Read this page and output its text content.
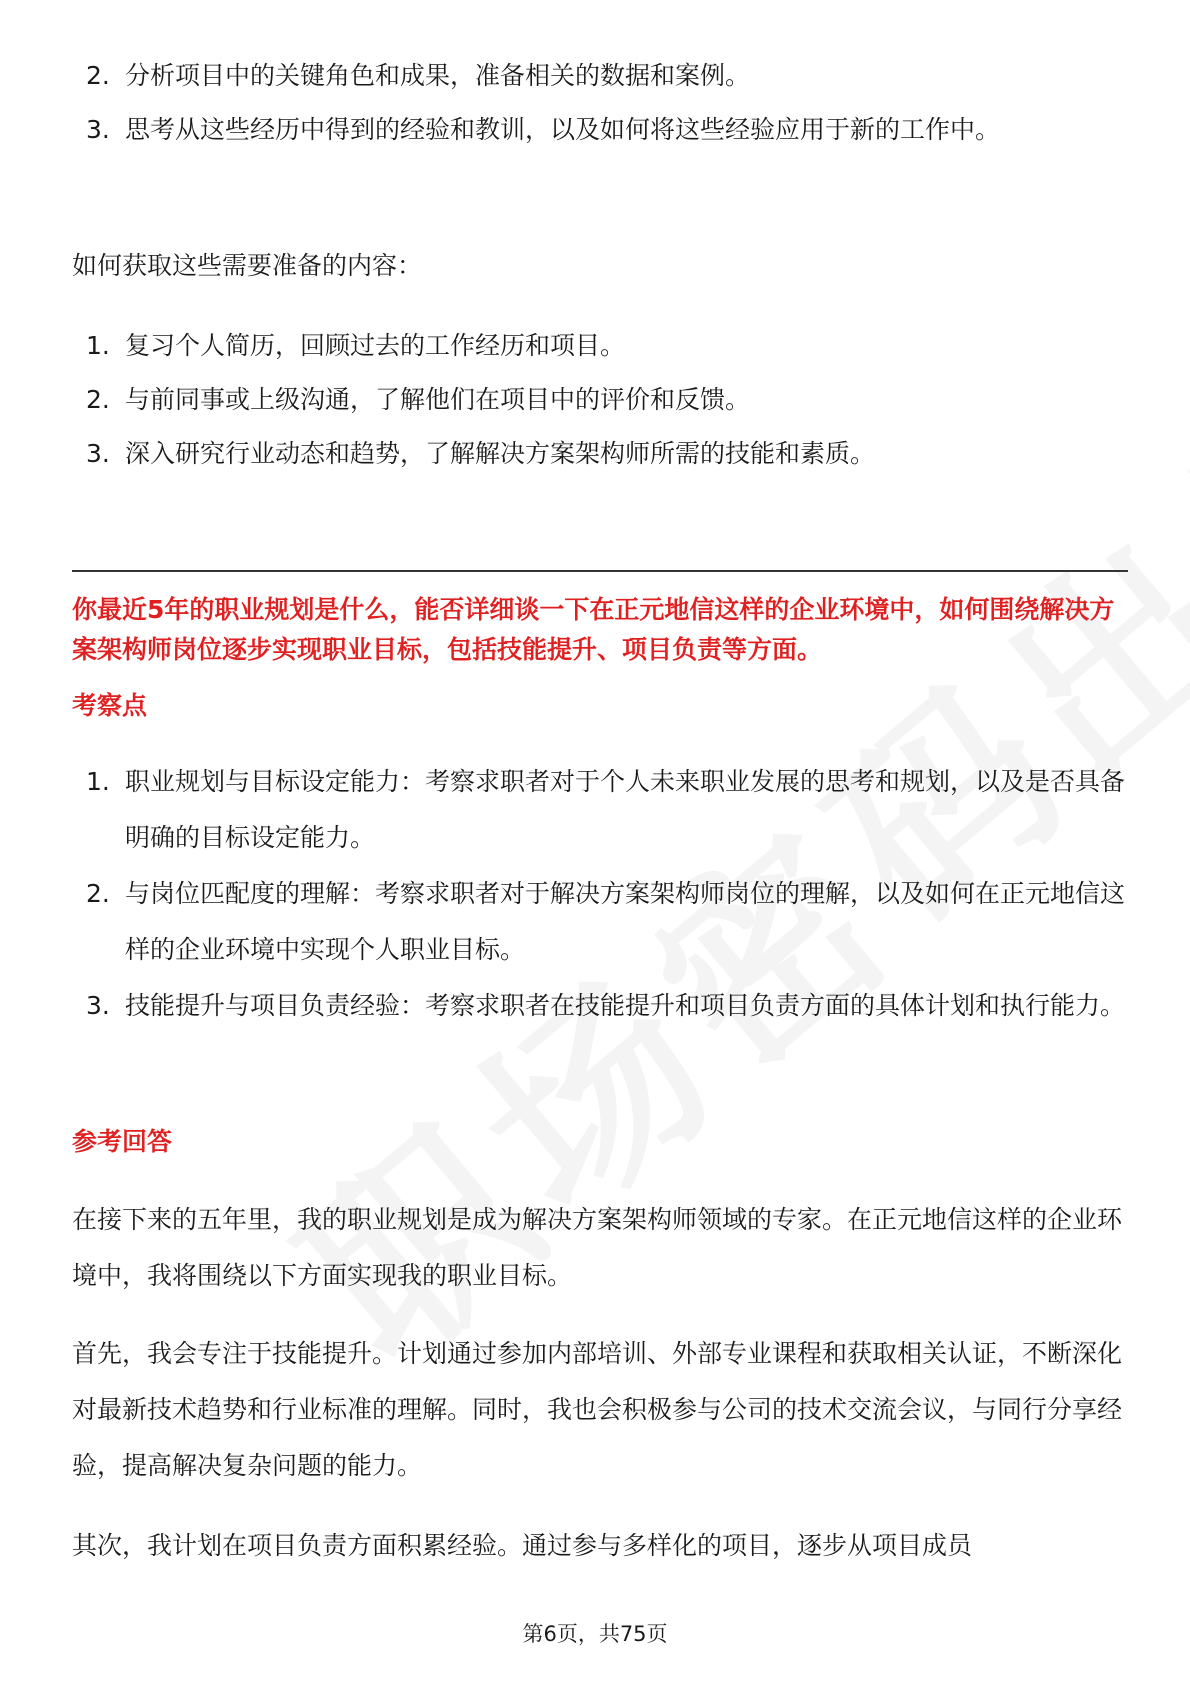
2. 分析项目中的关键角色和成果，准备相关的数据和案例。
3. 思考从这些经历中得到的经验和教训，以及如何将这些经验应用于新的工作中。
如何获取这些需要准备的内容：
1. 复习个人简历，回顾过去的工作经历和项目。
2. 与前同事或上级沟通，了解他们在项目中的评价和反馈。
3. 深入研究行业动态和趋势，了解解决方案架构师所需的技能和素质。
你最近5年的职业规划是什么，能否详细谈一下在正元地信这样的企业环境中，如何围绕解决方案架构师岗位逐步实现职业目标，包括技能提升、项目负责等方面。
考察点
1. 职业规划与目标设定能力：考察求职者对于个人未来职业发展的思考和规划，以及是否具备明确的目标设定能力。
2. 与岗位匹配度的理解：考察求职者对于解决方案架构师岗位的理解，以及如何在正元地信这样的企业环境中实现个人职业目标。
3. 技能提升与项目负责经验：考察求职者在技能提升和项目负责方面的具体计划和执行能力。
参考回答
在接下来的五年里，我的职业规划是成为解决方案架构师领域的专家。在正元地信这样的企业环境中，我将围绕以下方面实现我的职业目标。
首先，我会专注于技能提升。计划通过参加内部培训、外部专业课程和获取相关认证，不断深化对最新技术趋势和行业标准的理解。同时，我也会积极参与公司的技术交流会议，与同行分享经验，提高解决复杂问题的能力。
其次，我计划在项目负责方面积累经验。通过参与多样化的项目，逐步从项目成员
第6页，共75页
